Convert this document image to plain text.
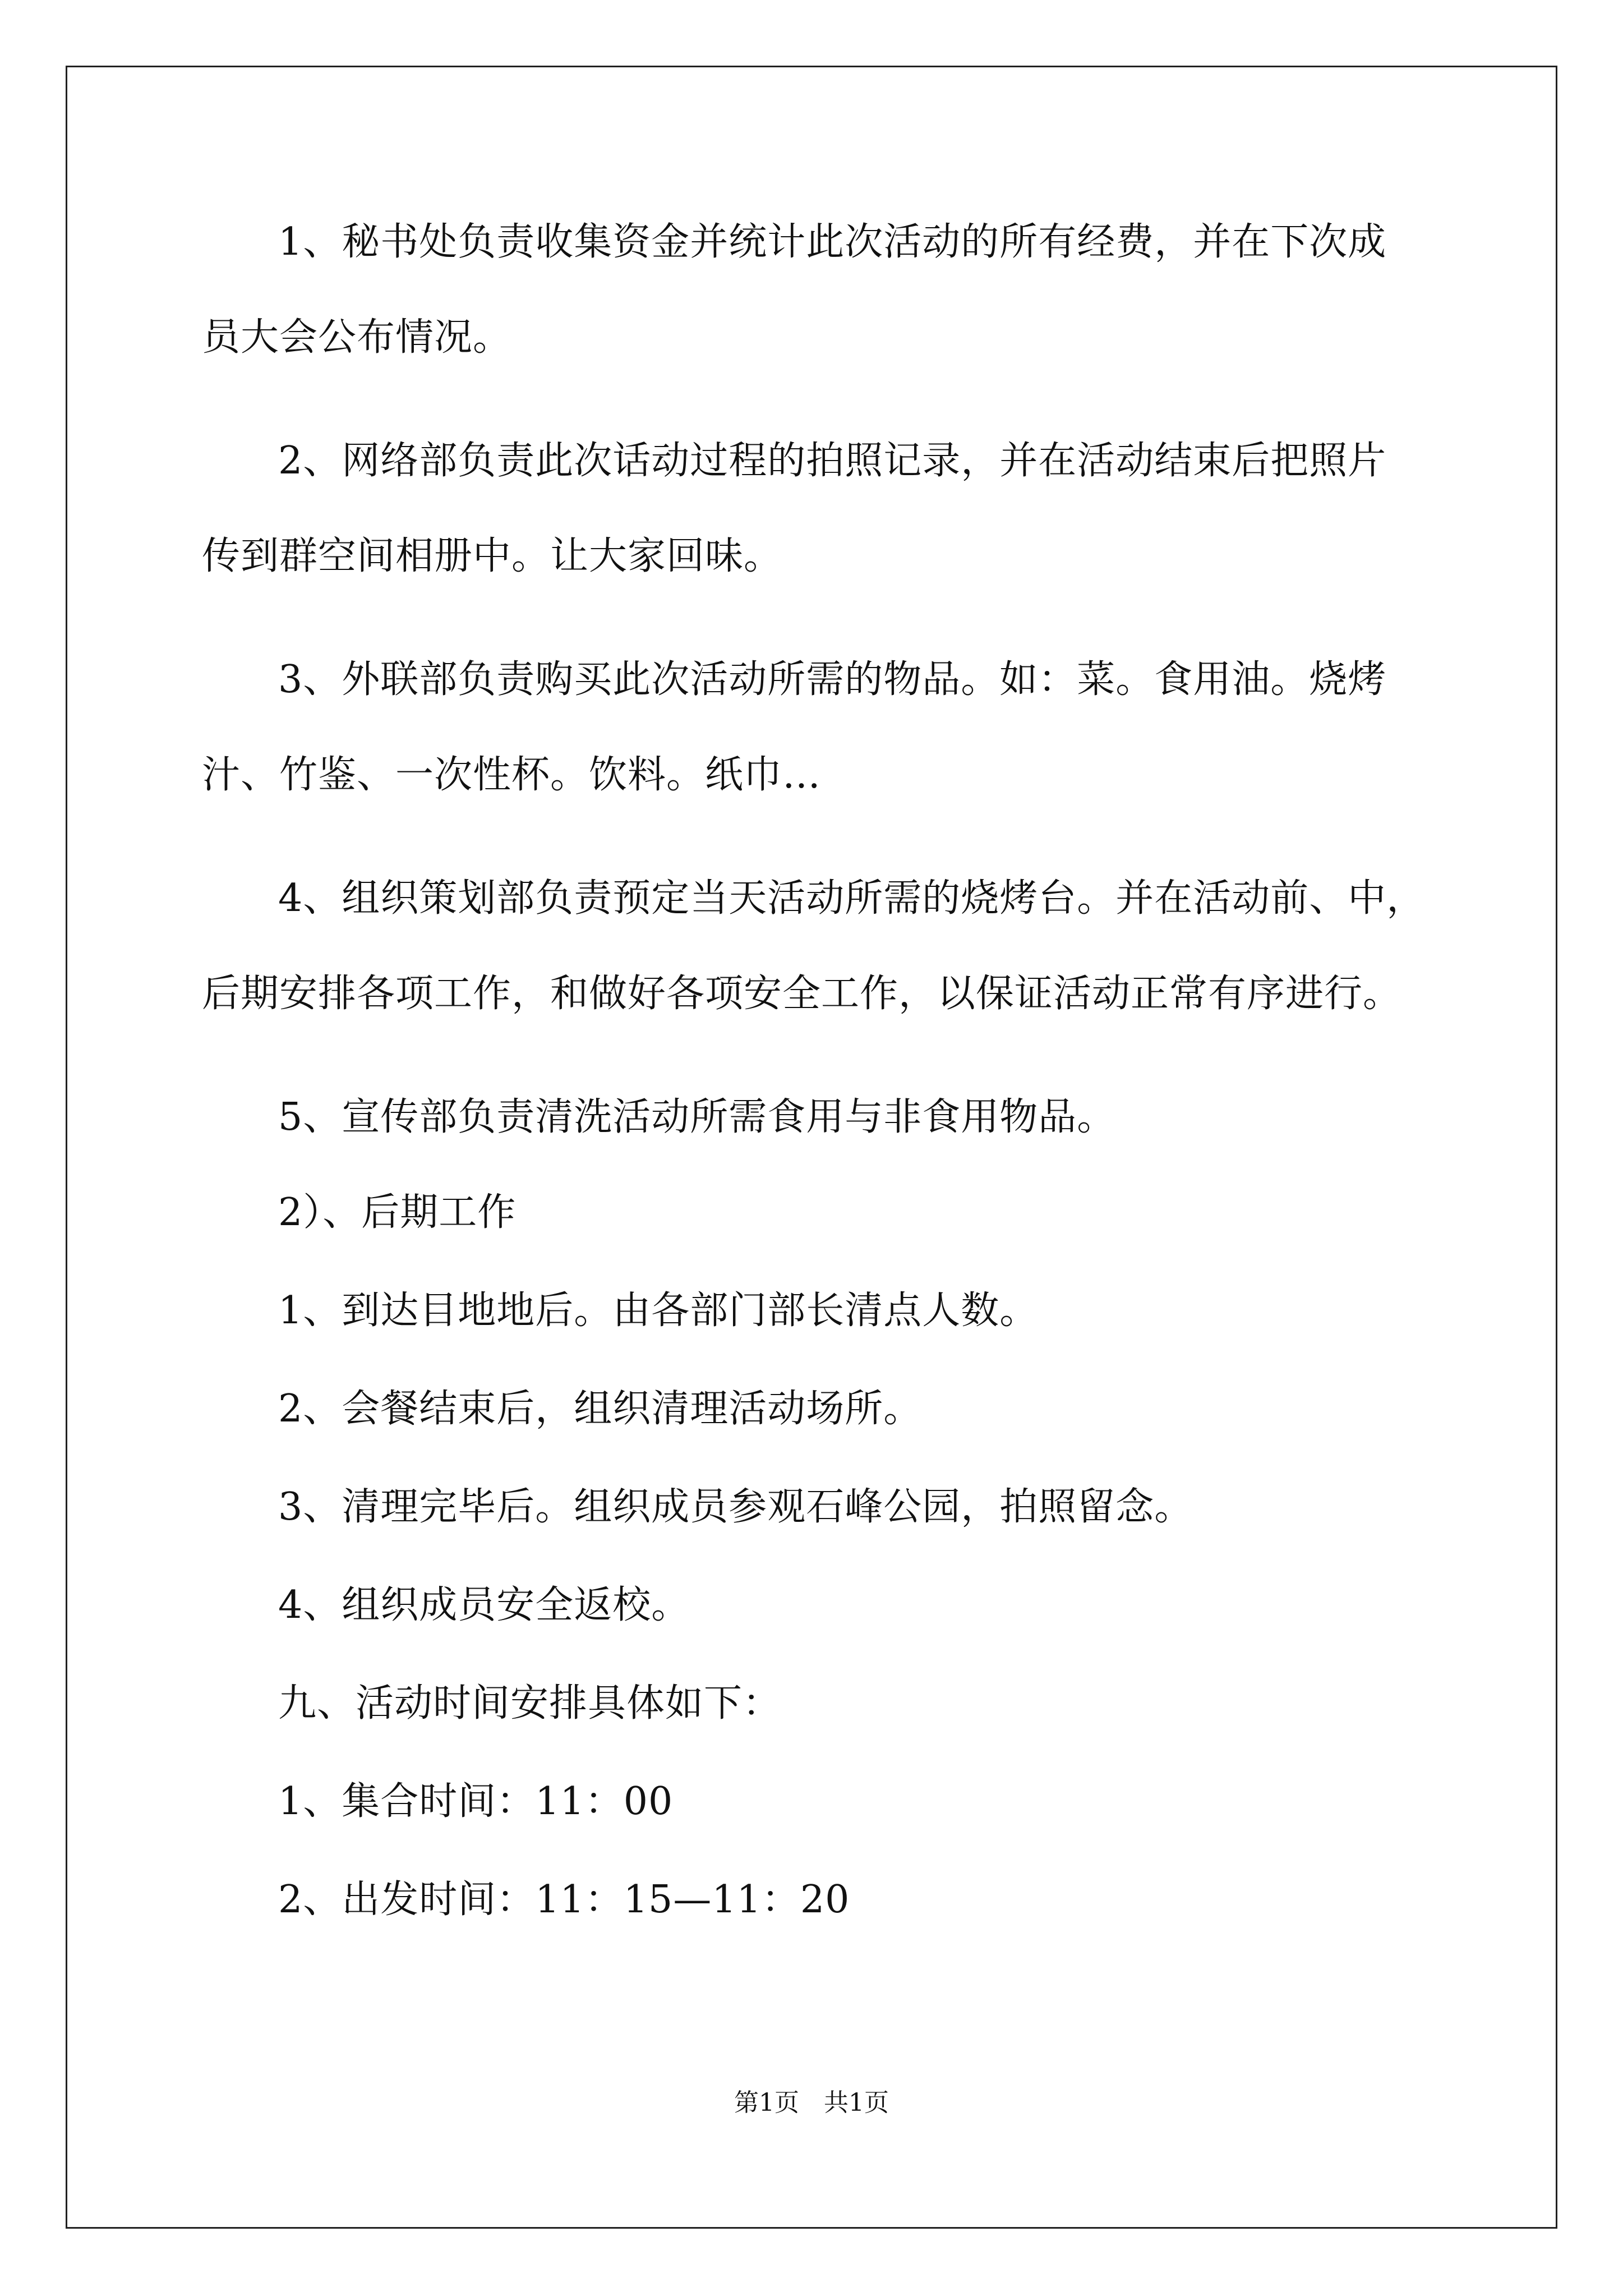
1、秘书处负责收集资金并统计此次活动的所有经费，并在下次成
员大会公布情况。
2、网络部负责此次话动过程的拍照记录，并在活动结束后把照片
传到群空间相册中。让大家回味。
3、外联部负责购买此次活动所需的物品。如：菜。食用油。烧烤
汁、竹鉴、一次性杯。饮料。纸巾…
4、组织策划部负责预定当天活动所需的烧烤台。并在活动前、中，
后期安排各项工作，和做好各项安全工作，以保证活动正常有序进行。
5、宣传部负责清洗活动所需食用与非食用物品。
2）、后期工作
1、到达目地地后。由各部门部长清点人数。
2、会餐结束后，组织清理活动场所。
3、清理完毕后。组织成员参观石峰公园，拍照留念。
4、组织成员安全返校。
九、活动时间安排具体如下：
1、集合时间：11：00
2、出发时间：11：15—11：20
第1页　共1页
